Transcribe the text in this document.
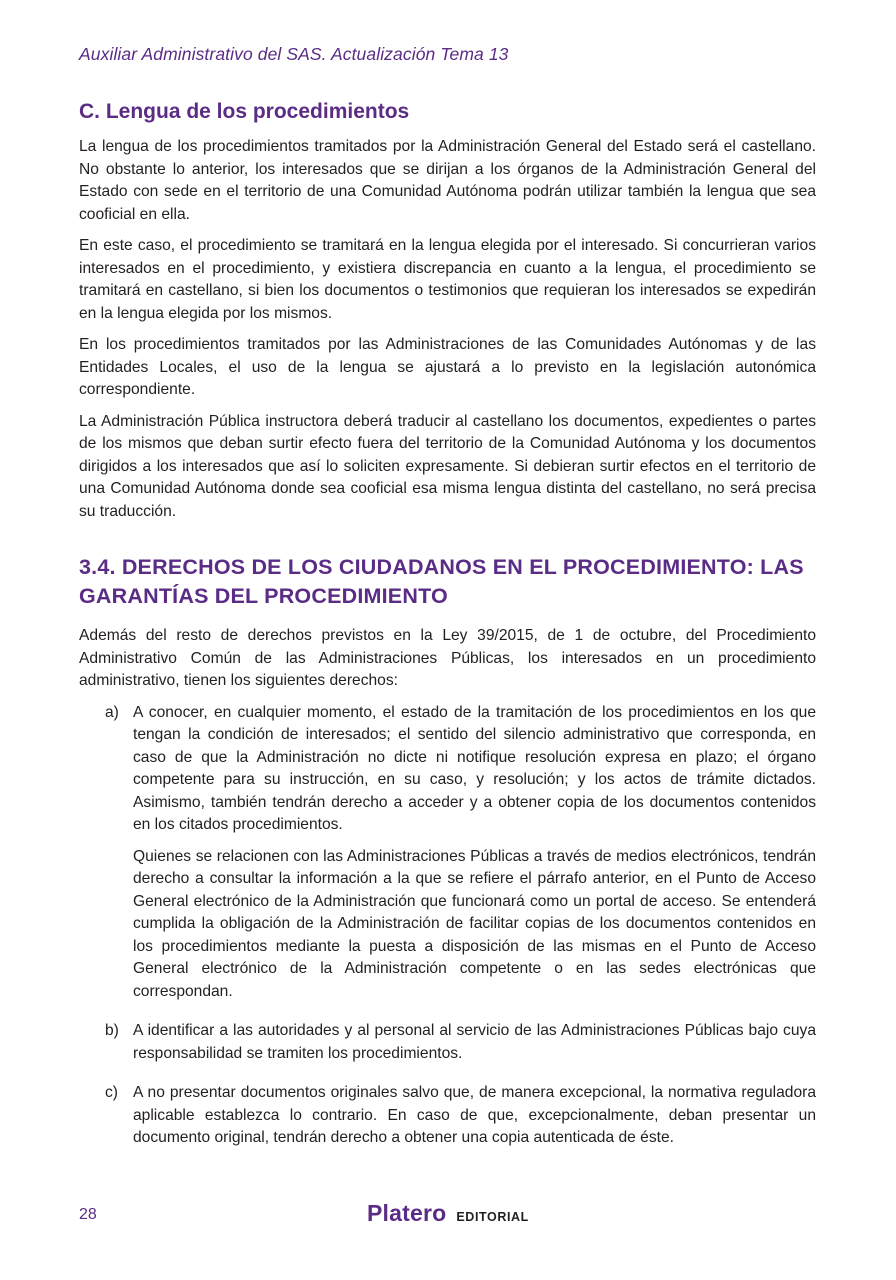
Auxiliar Administrativo del SAS. Actualización Tema 13
C. Lengua de los procedimientos

La lengua de los procedimientos tramitados por la Administración General del Estado será el castellano. No obstante lo anterior, los interesados que se dirijan a los órganos de la Administración General del Estado con sede en el territorio de una Comunidad Autónoma podrán utilizar también la lengua que sea cooficial en ella.

En este caso, el procedimiento se tramitará en la lengua elegida por el interesado. Si concurrieran varios interesados en el procedimiento, y existiera discrepancia en cuanto a la lengua, el procedimiento se tramitará en castellano, si bien los documentos o testimonios que requieran los interesados se expedirán en la lengua elegida por los mismos.

En los procedimientos tramitados por las Administraciones de las Comunidades Autónomas y de las Entidades Locales, el uso de la lengua se ajustará a lo previsto en la legislación autonómica correspondiente.

La Administración Pública instructora deberá traducir al castellano los documentos, expedientes o partes de los mismos que deban surtir efecto fuera del territorio de la Comunidad Autónoma y los documentos dirigidos a los interesados que así lo soliciten expresamente. Si debieran surtir efectos en el territorio de una Comunidad Autónoma donde sea cooficial esa misma lengua distinta del castellano, no será precisa su traducción.

3.4. DERECHOS DE LOS CIUDADANOS EN EL PROCEDIMIENTO: LAS GARANTÍAS DEL PROCEDIMIENTO

Además del resto de derechos previstos en la Ley 39/2015, de 1 de octubre, del Procedimiento Administrativo Común de las Administraciones Públicas, los interesados en un procedimiento administrativo, tienen los siguientes derechos:

a) A conocer, en cualquier momento, el estado de la tramitación de los procedimientos en los que tengan la condición de interesados; el sentido del silencio administrativo que corresponda, en caso de que la Administración no dicte ni notifique resolución expresa en plazo; el órgano competente para su instrucción, en su caso, y resolución; y los actos de trámite dictados. Asimismo, también tendrán derecho a acceder y a obtener copia de los documentos contenidos en los citados procedimientos.

Quienes se relacionen con las Administraciones Públicas a través de medios electrónicos, tendrán derecho a consultar la información a la que se refiere el párrafo anterior, en el Punto de Acceso General electrónico de la Administración que funcionará como un portal de acceso. Se entenderá cumplida la obligación de la Administración de facilitar copias de los documentos contenidos en los procedimientos mediante la puesta a disposición de las mismas en el Punto de Acceso General electrónico de la Administración competente o en las sedes electrónicas que correspondan.

b) A identificar a las autoridades y al personal al servicio de las Administraciones Públicas bajo cuya responsabilidad se tramiten los procedimientos.

c) A no presentar documentos originales salvo que, de manera excepcional, la normativa reguladora aplicable establezca lo contrario. En caso de que, excepcionalmente, deban presentar un documento original, tendrán derecho a obtener una copia autenticada de éste.

28	Platero EDITORIAL
